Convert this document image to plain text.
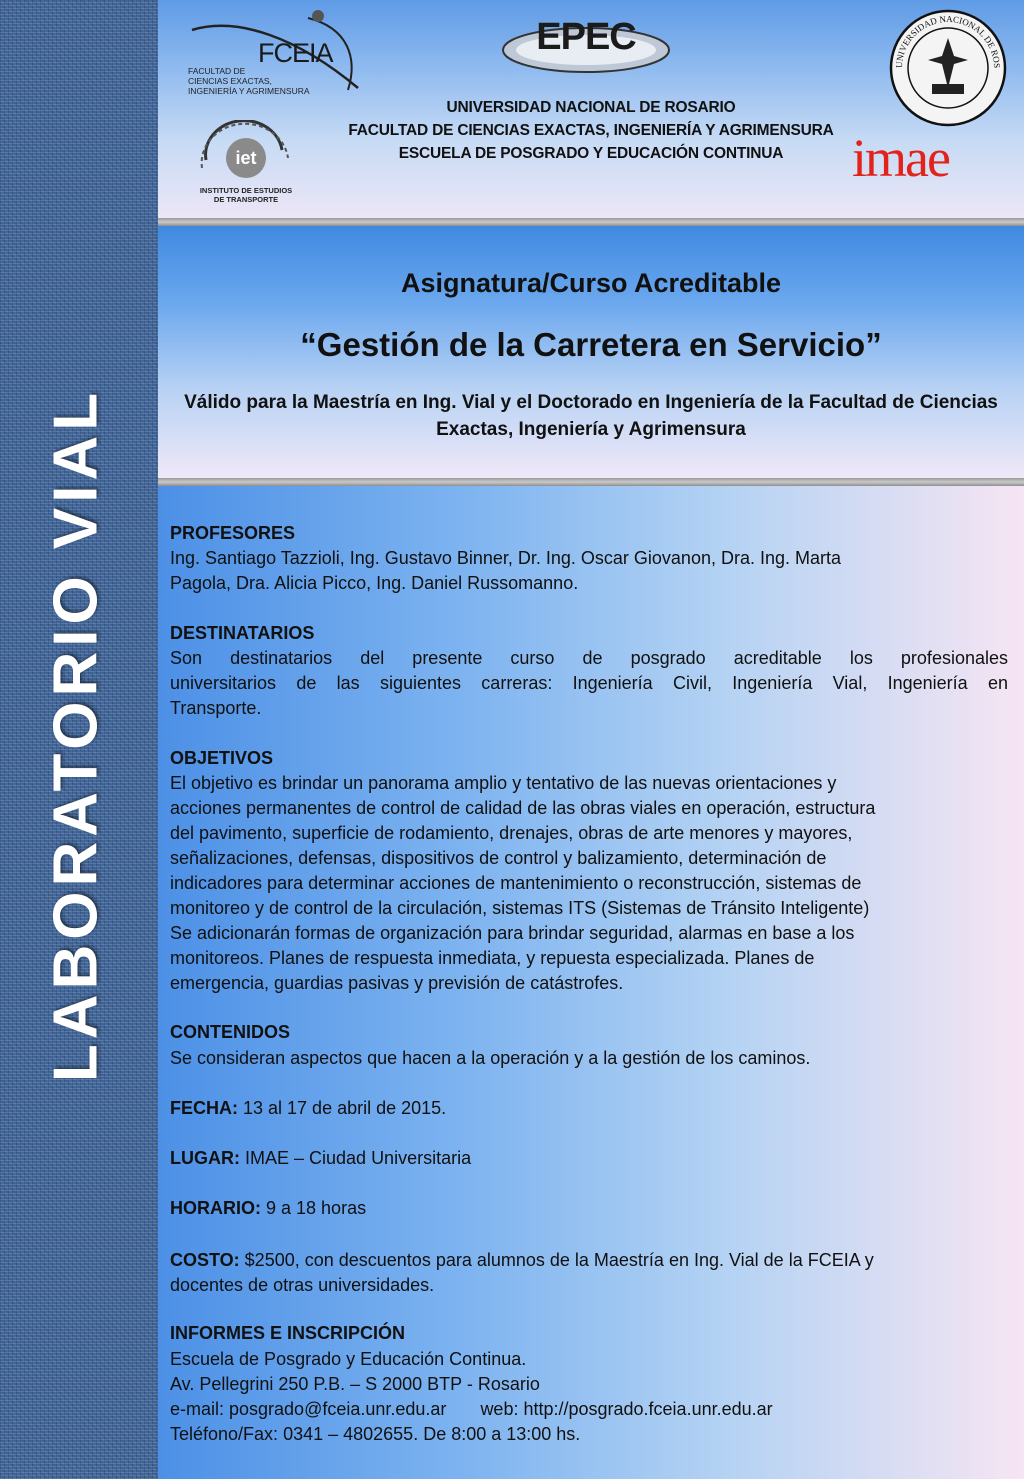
LABORATORIO VIAL
FCEIA
FACULTAD DE
CIENCIAS EXACTAS,
INGENIERÍA Y AGRIMENSURA
EPEC
UNIVERSIDAD NACIONAL DE ROS
iet
INSTITUTO DE ESTUDIOS
DE TRANSPORTE
imae
UNIVERSIDAD NACIONAL DE ROSARIO
FACULTAD DE CIENCIAS EXACTAS, INGENIERÍA Y AGRIMENSURA
ESCUELA DE POSGRADO Y EDUCACIÓN CONTINUA
Asignatura/Curso Acreditable
“Gestión de la Carretera en Servicio”
Válido para la Maestría en Ing. Vial y el Doctorado en Ingeniería de la Facultad de Ciencias
Exactas, Ingeniería y Agrimensura
PROFESORES
Ing. Santiago Tazzioli, Ing. Gustavo Binner, Dr. Ing. Oscar Giovanon, Dra. Ing. Marta
Pagola, Dra. Alicia Picco, Ing. Daniel Russomanno.
DESTINATARIOS
Son destinatarios del presente curso de posgrado acreditable los profesionales
universitarios de las siguientes carreras: Ingeniería Civil, Ingeniería Vial, Ingeniería en
Transporte.
OBJETIVOS
El objetivo es brindar un panorama amplio y tentativo de las nuevas orientaciones y
acciones permanentes de control de calidad de las obras viales en operación, estructura
del pavimento, superficie de rodamiento, drenajes, obras de arte menores y mayores,
señalizaciones, defensas, dispositivos de control y balizamiento, determinación de
indicadores para determinar acciones de mantenimiento o reconstrucción, sistemas de
monitoreo y de control de la circulación, sistemas ITS (Sistemas de Tránsito Inteligente)
Se adicionarán formas de organización para brindar seguridad, alarmas en base a los
monitoreos. Planes de respuesta inmediata, y repuesta especializada. Planes de
emergencia, guardias pasivas y previsión de catástrofes.
CONTENIDOS
Se consideran aspectos que hacen a la operación y a la gestión de los caminos.
FECHA: 13 al 17 de abril de 2015.
LUGAR: IMAE – Ciudad Universitaria
HORARIO: 9 a 18 horas
COSTO: $2500, con descuentos para alumnos de la Maestría en Ing. Vial de la FCEIA y
docentes de otras universidades.
INFORMES E INSCRIPCIÓN
Escuela de Posgrado y Educación Continua.
Av. Pellegrini 250 P.B. – S 2000 BTP - Rosario
e-mail: posgrado@fceia.unr.edu.ar web: http://posgrado.fceia.unr.edu.ar
Teléfono/Fax: 0341 – 4802655. De 8:00 a 13:00 hs.
